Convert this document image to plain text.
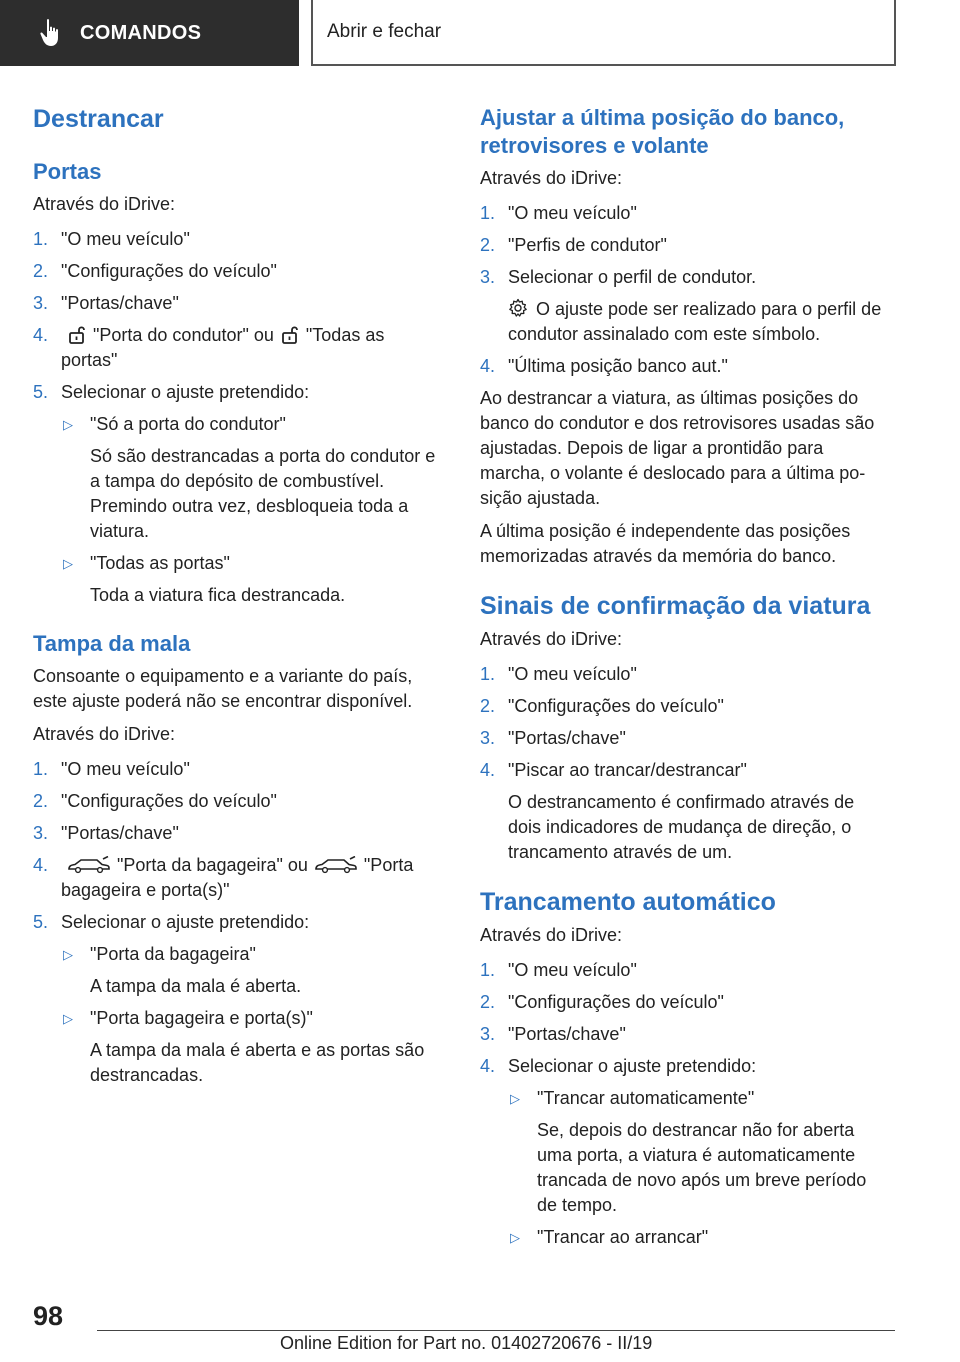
COMANDOS	Abrir e fechar
Destrancar
Portas

Através do iDrive:

1. "O meu veículo"
2. "Configurações do veículo"
3. "Portas/chave"
4.	"Porta do condutor" ou "Todas as portas"
5. Selecionar o ajuste pretendido:
▷ "Só a porta do condutor"
Só são destrancadas a porta do condutor e a tampa do depósito de combustível. Premindo outra vez, desbloqueia toda a viatura.
▷ "Todas as portas"
Toda a viatura fica destrancada.
Tampa da mala

Consoante o equipamento e a variante do país, este ajuste poderá não se encontrar disponível.

Através do iDrive:

1. "O meu veículo"
2. "Configurações do veículo"
3. "Portas/chave"
4.	"Porta da bagageira" ou	"Porta bagageira e porta(s)"
5. Selecionar o ajuste pretendido:
▷ "Porta da bagageira"
A tampa da mala é aberta.
▷ "Porta bagageira e porta(s)"
A tampa da mala é aberta e as portas são destrancadas.
Ajustar a última posição do banco, retrovisores e volante

Através do iDrive:

1. "O meu veículo"
2. "Perfis de condutor"
3. Selecionar o perfil de condutor.
O ajuste pode ser realizado para o perfil de condutor assinalado com este símbolo.
4. "Última posição banco aut."

Ao destrancar a viatura, as últimas posições do banco do condutor e dos retrovisores usadas são ajustadas. Depois de ligar a prontidão para marcha, o volante é deslocado para a última posição ajustada.

A última posição é independente das posições memorizadas através da memória do banco.

Sinais de confirmação da viatura

Através do iDrive:

1. "O meu veículo"
2. "Configurações do veículo"
3. "Portas/chave"
4. "Piscar ao trancar/destrancar"
O destrancamento é confirmado através de dois indicadores de mudança de direção, o trancamento através de um.
Trancamento automático

Através do iDrive:

1. "O meu veículo"
2. "Configurações do veículo"
3. "Portas/chave"
4. Selecionar o ajuste pretendido:
▷ "Trancar automaticamente"
Se, depois do destrancar não for aberta uma porta, a viatura é automaticamente trancada de novo após um breve período de tempo.
▷ "Trancar ao arrancar"
98
Online Edition for Part no. 01402720676 - II/19
